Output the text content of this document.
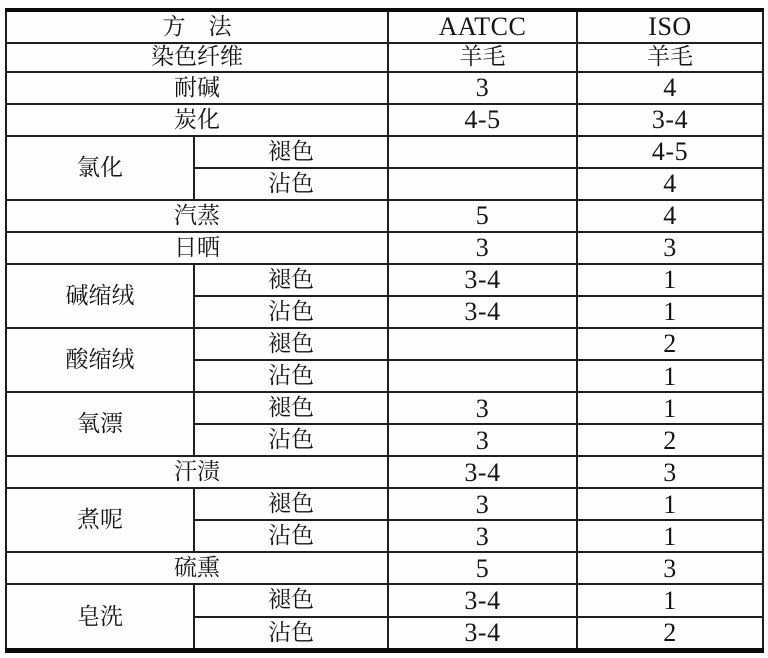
方　法		AATCC	ISO
染色纤维		羊毛	羊毛
耐碱		3	4
炭化		4-5	3-4
氯化	褪色		4-5
	沾色		4
汽蒸		5	4
日晒		3	3
碱缩绒	褪色	3-4	1
	沾色	3-4	1
酸缩绒	褪色		2
	沾色		1
氧漂	褪色	3	1
	沾色	3	2
汗渍		3-4	3
煮呢	褪色	3	1
	沾色	3	1
硫熏		5	3
皂洗	褪色	3-4	1
	沾色	3-4	2
